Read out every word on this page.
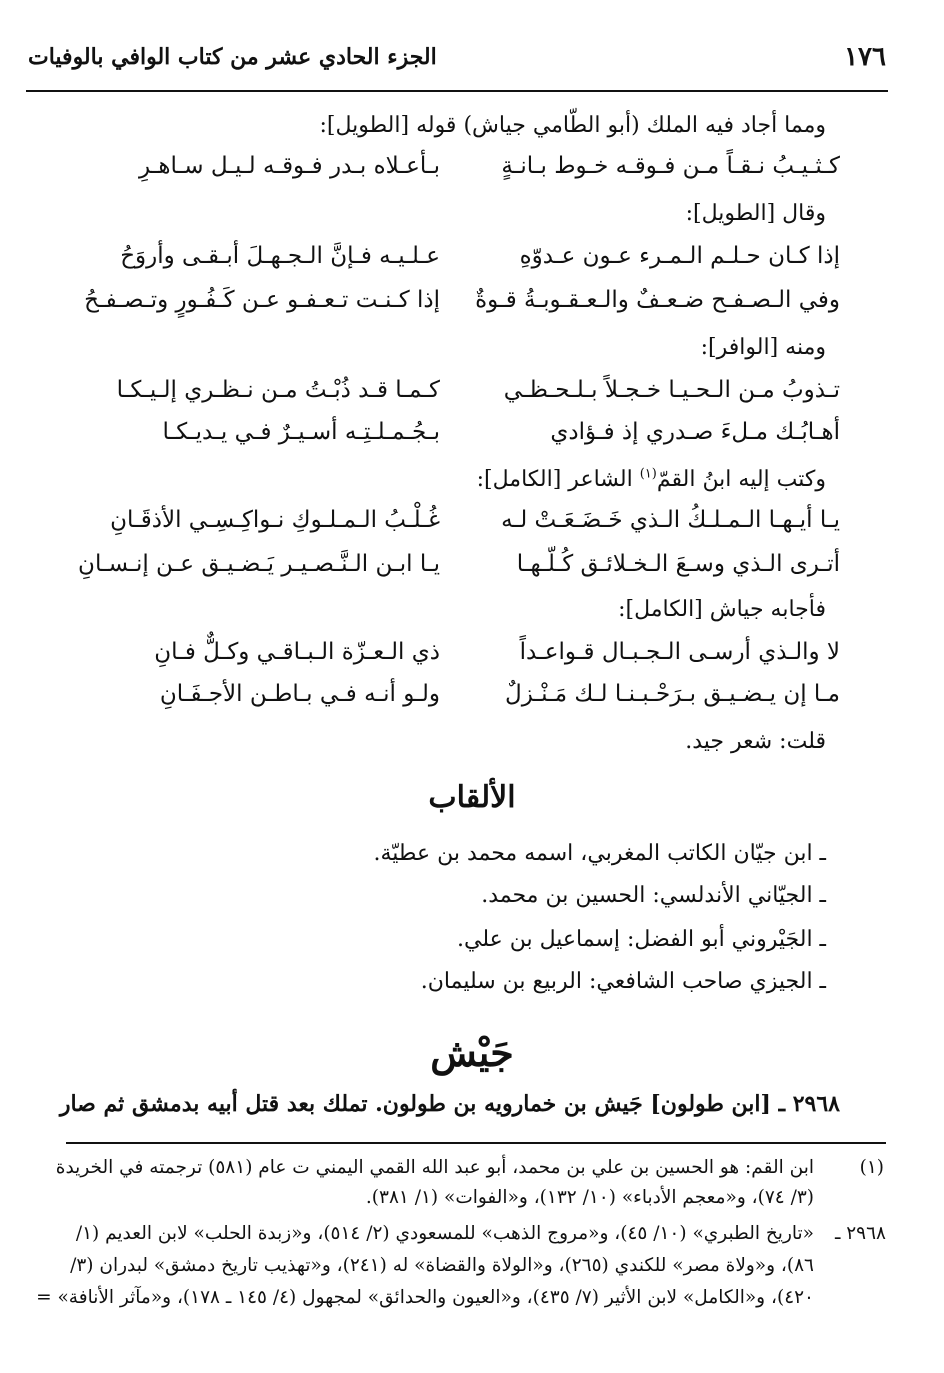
١٧٦
الجزء الحادي عشر من كتاب الوافي بالوفيات
ومما أجاد فيه الملك (أبو الطّامي جياش) قوله [الطويل]:
كـثـيـبُ نـقـاً مـن فـوقـه خـوط بـانـةٍ
بـأعـلاه بـدر فـوقـه لـيـل سـاهـرِ
وقال [الطويل]:
إذا كـان حـلـم الـمـرء عـون عـدوّهِ
عـلـيـه فـإنَّ الـجـهـلَ أبـقـى وأروَحُ
وفي الـصـفـح ضـعـفٌ والـعـقـوبـةُ قـوةٌ
إذا كـنـت تـعـفـو عـن كَـفُـورٍ وتـصـفـحُ
ومنه [الوافر]:
تـذوبُ مـن الـحـيـا خـجـلاً بـلـحـظـي
كـمـا قـد ذُبْـتُ مـن نـظـري إلـيـكـا
أهـابُـك مـلءَ صـدري إذ فـؤادي
بـجُـمـلـتِـه أسـيـرٌ فـي يـديـكـا
وكتب إليه ابنُ القمّ$^{(١)}$ الشاعر [الكامل]:
يـا أيـهـا الـمـلـكُ الـذي خَـضَـعَـتْ لـه
غُـلْـبُ الـمـلـوكِ نـواكِـسِـي الأذقَـانِ
أتـرى الـذي وسـعَ الـخـلائـق كُـلّـهـا
يـا ابـن الـنَّـصـيـر يَـضـيـق عـن إنـسـانِ
فأجابه جياش [الكامل]:
لا والـذي أرسـى الـجـبـال قـواعـداً
ذي الـعـزّة الـبـاقـي وكـلٌّ فـانِ
مـا إن يـضـيـق بـرَحْـبـنـا لـك مَـنْـزلٌ
ولـو أنـه فـي بـاطـن الأجـفَـانِ
قلت: شعر جيد.
الألقاب
ـ ابن جيّان الكاتب المغربي، اسمه محمد بن عطيّة.
ـ الجيّاني الأندلسي: الحسين بن محمد.
ـ الجَيْروني أبو الفضل: إسماعيل بن علي.
ـ الجيزي صاحب الشافعي: الربيع بن سليمان.
جَيْش
٢٩٦٨ ـ [ابن طولون] جَيش بن خمارويه بن طولون. تملك بعد قتل أبيه بدمشق ثم صار
(١)
ابن القم: هو الحسين بن علي بن محمد، أبو عبد الله القمي اليمني ت عام (٥٨١) ترجمته في الخريدة
(٣/ ٧٤)، و«معجم الأدباء» (١٠/ ١٣٢)، و«الفوات» (١/ ٣٨١).
٢٩٦٨ ـ
«تاريخ الطبري» (١٠/ ٤٥)، و«مروج الذهب» للمسعودي (٢/ ٥١٤)، و«زبدة الحلب» لابن العديم (١/
٨٦)، و«ولاة مصر» للكندي (٢٦٥)، و«الولاة والقضاة» له (٢٤١)، و«تهذيب تاريخ دمشق» لبدران (٣/
٤٢٠)، و«الكامل» لابن الأثير (٧/ ٤٣٥)، و«العيون والحدائق» لمجهول (٤/ ١٤٥ ـ ١٧٨)، و«مآثر الأنافة» =
